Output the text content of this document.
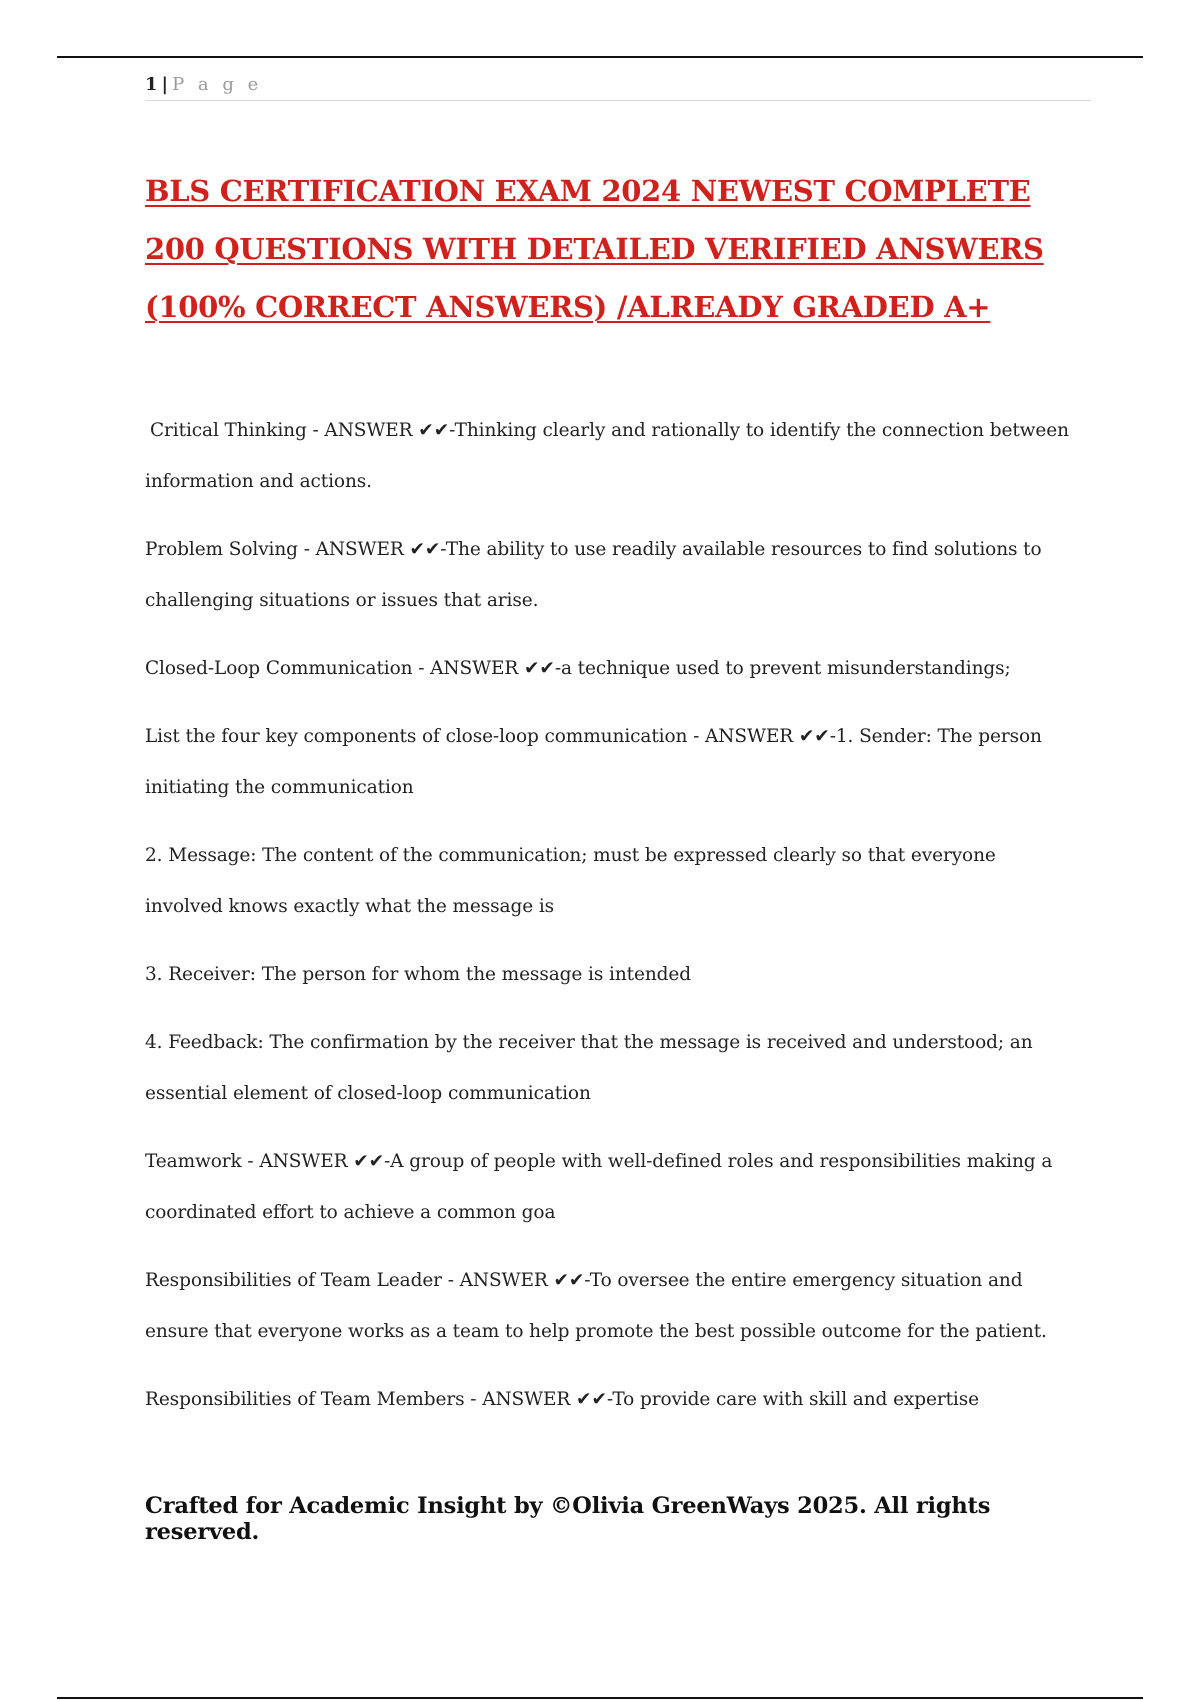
1 | P a g e
BLS CERTIFICATION EXAM 2024 NEWEST COMPLETE 200 QUESTIONS WITH DETAILED VERIFIED ANSWERS (100% CORRECT ANSWERS) /ALREADY GRADED A+

Critical Thinking - ANSWER ✔✔-Thinking clearly and rationally to identify the connection between information and actions.

Problem Solving - ANSWER ✔✔-The ability to use readily available resources to find solutions to challenging situations or issues that arise.

Closed-Loop Communication - ANSWER ✔✔-a technique used to prevent misunderstandings;

List the four key components of close-loop communication - ANSWER ✔✔-1. Sender: The person initiating the communication

2. Message: The content of the communication; must be expressed clearly so that everyone involved knows exactly what the message is

3. Receiver: The person for whom the message is intended

4. Feedback: The confirmation by the receiver that the message is received and understood; an essential element of closed-loop communication

Teamwork - ANSWER ✔✔-A group of people with well-defined roles and responsibilities making a coordinated effort to achieve a common goa

Responsibilities of Team Leader - ANSWER ✔✔-To oversee the entire emergency situation and ensure that everyone works as a team to help promote the best possible outcome for the patient.

Responsibilities of Team Members - ANSWER ✔✔-To provide care with skill and expertise

Crafted for Academic Insight by ©Olivia GreenWays 2025. All rights reserved.
